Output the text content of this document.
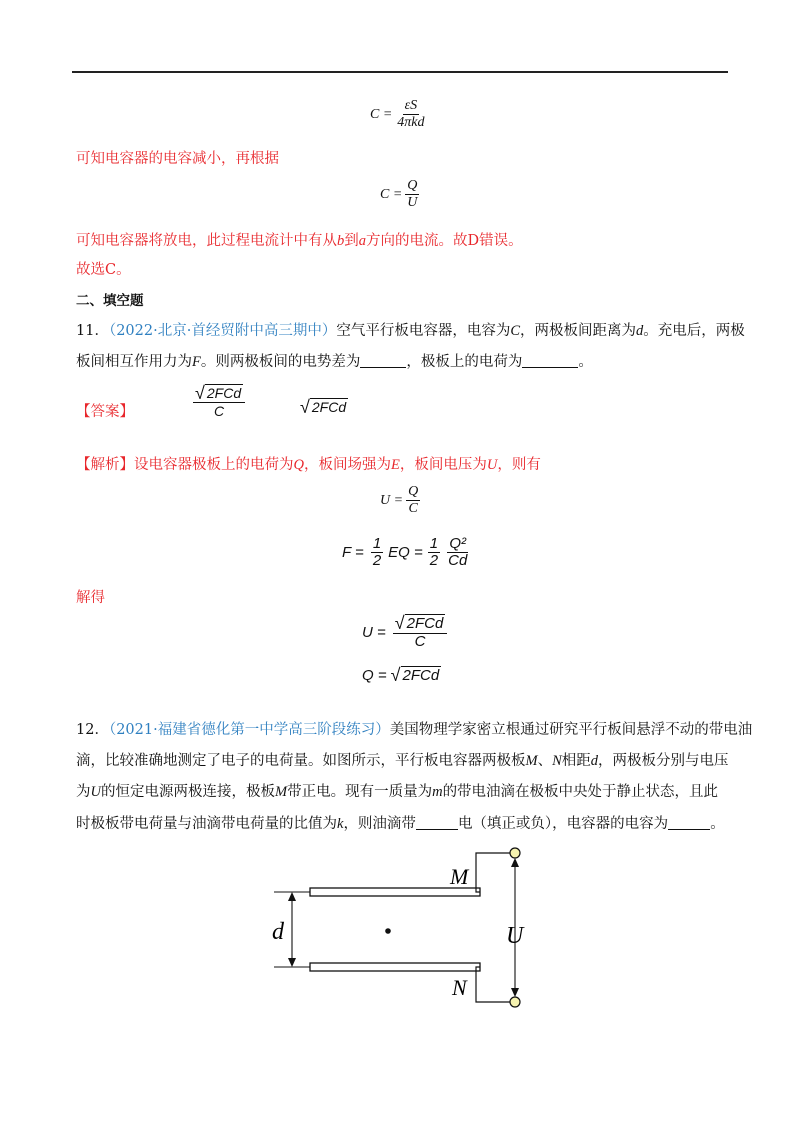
$C = \frac{\varepsilon S}{\text{4πkd}}$
可知电容器的电容减小，再根据
$C = \frac{Q}{U}$
可知电容器将放电，此过程电流计中有从b到a方向的电流。故D错误。
故选C。
二、填空题
11．（2022·北京·首经贸附中高三期中）空气平行板电容器，电容为C，两极板间距离为d。充电后，两极
板间相互作用力为F。则两极板间的电势差为	，极板上的电荷为	。
【答案】	$\frac{\text{√ 2FCd}}{C}$	√ 2FCd
【解析】设电容器极板上的电荷为Q，板间场强为E，板间电压为U，则有
$U = \frac{Q}{C}$
$F = \frac{1}{2}$ EQ = $\frac{1}{2} \frac{\text{Q²}}{Cd}$
解得
$U = \frac{\text{√ 2FCd}}{C}$
Q = √ 2FCd
12．（2021·福建省德化第一中学高三阶段练习）美国物理学家密立根通过研究平行板间悬浮不动的带电油
滴，比较准确地测定了电子的电荷量。如图所示，平行板电容器两极板M、N相距d，两极板分别与电压
为U的恒定电源两极连接，极板M带正电。现有一质量为m的带电油滴在极板中央处于静止状态，且此
时极板带电荷量与油滴带电荷量的比值为k，则油滴带	电（填正或负），电容器的电容为	。
d	U
M
N
